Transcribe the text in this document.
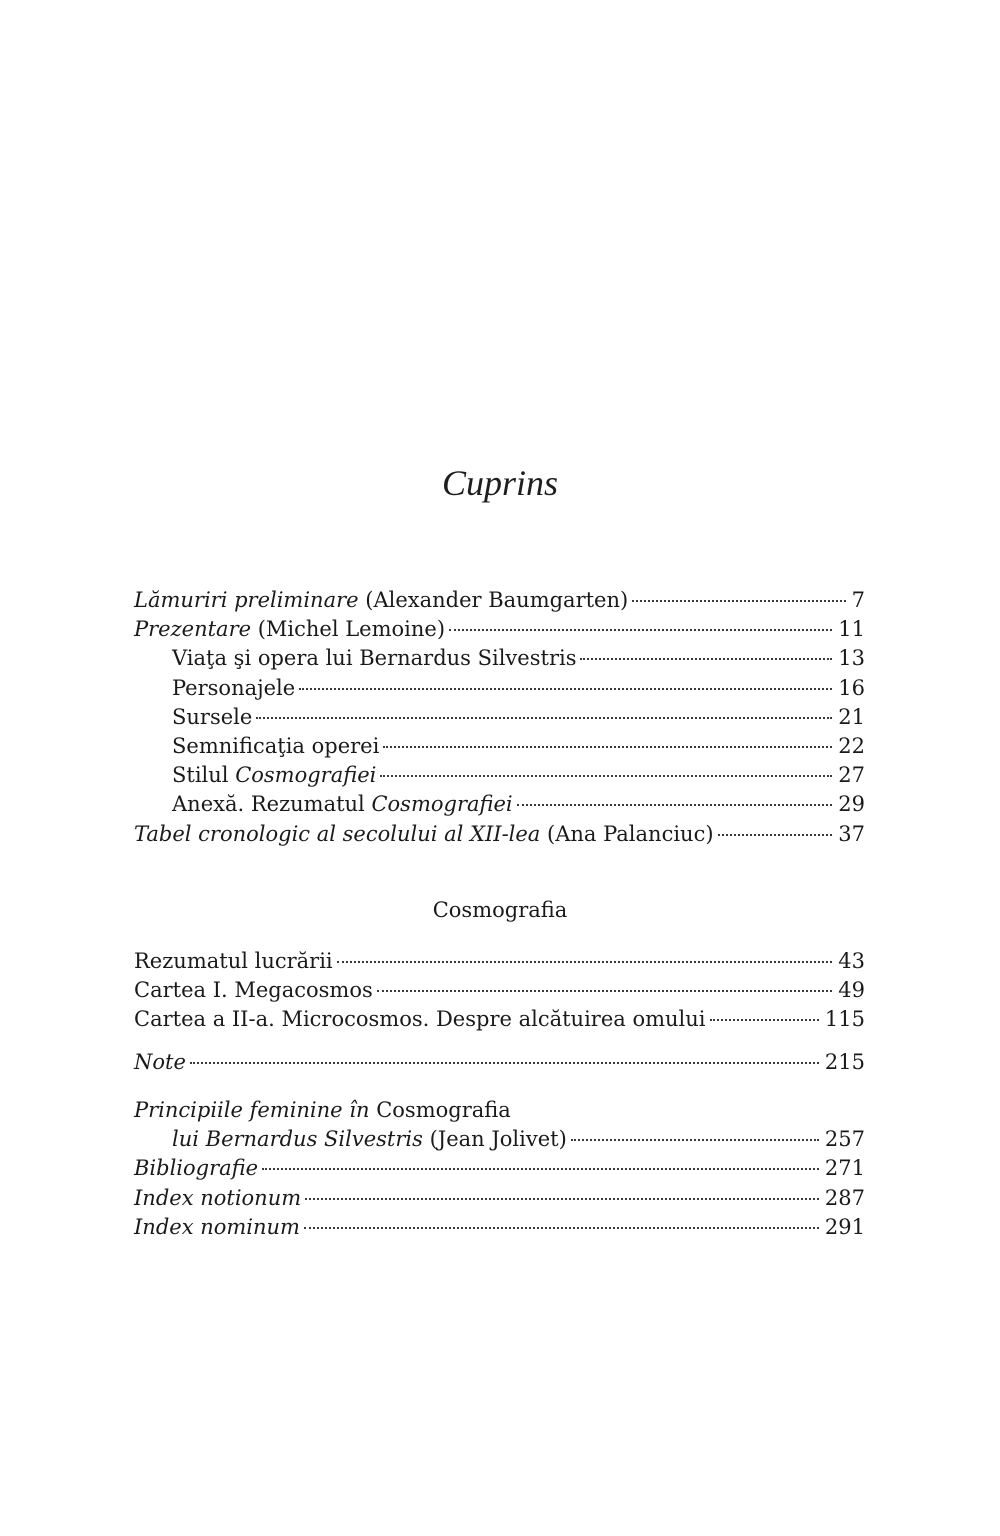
Cuprins
Lămuriri preliminare (Alexander Baumgarten)	7
Prezentare (Michel Lemoine)	11
Viaţa şi opera lui Bernardus Silvestris	13
Personajele	16
Sursele	21
Semnificaţia operei	22
Stilul Cosmografiei	27
Anexă. Rezumatul Cosmografiei	29
Tabel cronologic al secolului al XII-lea (Ana Palanciuc)	37
Cosmografia
Rezumatul lucrării	43
Cartea I. Megacosmos	49
Cartea a II-a. Microcosmos. Despre alcătuirea omului	115
Note	215
Principiile feminine în Cosmografia
lui Bernardus Silvestris (Jean Jolivet)	257
Bibliografie	271
Index notionum	287
Index nominum	291
